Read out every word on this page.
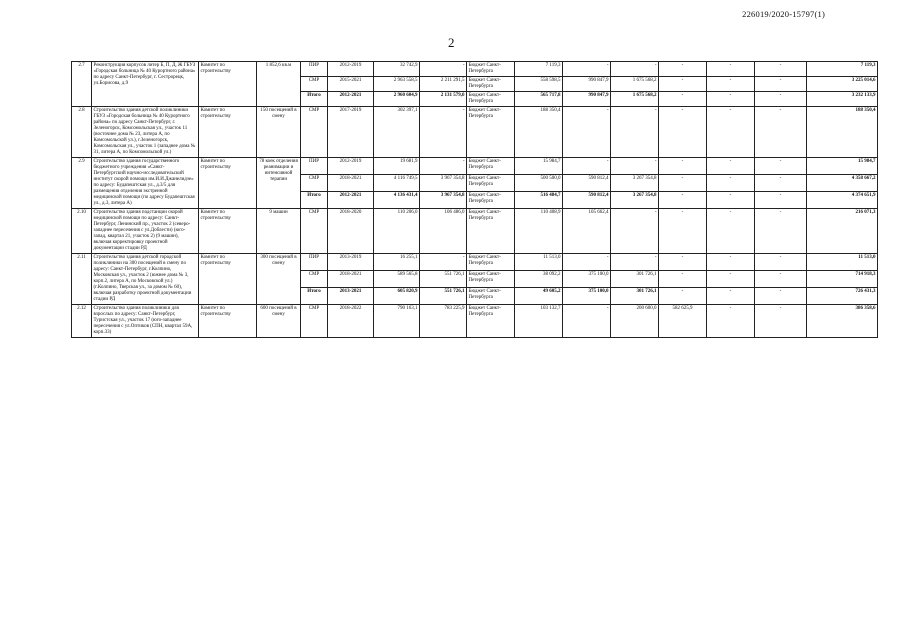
226019/2020-15797(1)
2
2.7	Реконструкция корпусов литер Б, П, Д, Ж ГБУЗ «Городская больница № 40 Курортного района» по адресу Санкт-Петербург, г. Сестрорецк, ул.Борисова, д.9	Комитет по строительству	1 852,6 кв.м	ПИР	2012-2019	32 742,9	-	Бюджет Санкт-Петербурга	7 119,3	-	-	-	-	-	7 119,3
				СМР	2015-2021	2 963 558,5	2 211 291,5	Бюджет Санкт-Петербурга	558 598,5	990 847,9	1 675 568,2	-	-	-	3 225 014,6
				Итого	2012-2021	2 960 604,9	2 131 579,0	Бюджет Санкт-Петербурга	565 717,8	990 847,9	1 675 568,2	-	-	-	3 232 133,9
2.8	Строительство здания детской поликлиники ГБУЗ «Городская больница № 40 Курортного района» по адресу Санкт-Петербург, г. Зеленогорск, Комсомольская ул., участок 11 (восточнее дома № 23, литера А, по Комсомольской ул.), г.Зеленогорск, Комсомольская ул., участок 1 (западнее дома № 31, литера А, по Комсомольской ул.)	Комитет по строительству	150 посещений в смену	СМР	2017-2019	302 397,1	-	Бюджет Санкт-Петербурга	188 350,4	-	-	-	-	-	188 350,4
2.9	Строительство здания государственного бюджетного учреждения «Санкт-Петербургский научно-исследовательский институт скорой помощи им.И.И.Джанелидзе» по адресу: Будапештская ул., д.3/5 для размещения отделения экстренной медицинской помощи (по адресу Будапештская ул., д.3, литера А)	Комитет по строительству	78 коек отделения реанимации и интенсивной терапии	ПИР	2012-2019	19 681,9	-	Бюджет Санкт-Петербурга	15 984,7	-	-	-	-	-	15 984,7
				СМР	2018-2021	4 116 749,5	3 967 354,8	Бюджет Санкт-Петербурга	500 500,0	590 812,4	3 267 354,8	-	-	-	4 358 667,2
				Итого	2012-2021	4 136 431,4	3 967 354,8	Бюджет Санкт-Петербурга	516 484,7	590 812,4	3 267 354,8	-	-	-	4 374 651,9
2.10	Строительство здания подстанции скорой медицинской помощи по адресу: Санкт-Петербург, Ленинский пр., участок 2 (северо-западнее пересечения с ул.Доблести) (юго-запад, квартал 21, участок 2) (9 машин), включая корректировку проектной документации стадии РД	Комитет по строительству	9 машин	СМР	2018-2020	110 206,0	106 486,0	Бюджет Санкт-Петербурга	110 408,9	105 662,4	-	-	-	-	216 071,3
2.11	Строительство здания детской городской поликлиники на 300 посещений в смену по адресу: Санкт-Петербург, г.Колпино, Московская ул., участок 2 (южнее дома № 3, корп.2, литера А, по Московской ул.) (г.Колпино, Тверская ул., за домом № 60), включая разработку проектной документации стадии РД	Комитет по строительству	300 посещений в смену	ПИР	2013-2019	16 255,1	-	Бюджет Санкт-Петербурга	11 513,0	-	-	-	-	-	11 513,0
				СМР	2018-2021	589 565,8	551 726,1	Бюджет Санкт-Петербурга	38 092,2	375 100,0	301 726,1	-	-	-	714 918,3
				Итого	2013-2021	605 820,9	551 726,1	Бюджет Санкт-Петербурга	49 605,2	375 100,0	301 726,1	-	-	-	726 431,3
2.12	Строительство здания поликлиники для взрослых по адресу: Санкт-Петербург, Туристская ул., участок 17 (юго-западнее пересечения с ул.Оптиков (СПН, квартал 59А, корп.33)	Комитет по строительству	600 посещений в смену	СМР	2018-2022	790 163,1	783 225,9	Бюджет Санкт-Петербурга	103 132,7	-	200 600,0	582 625,9	-	-	386 358,6
